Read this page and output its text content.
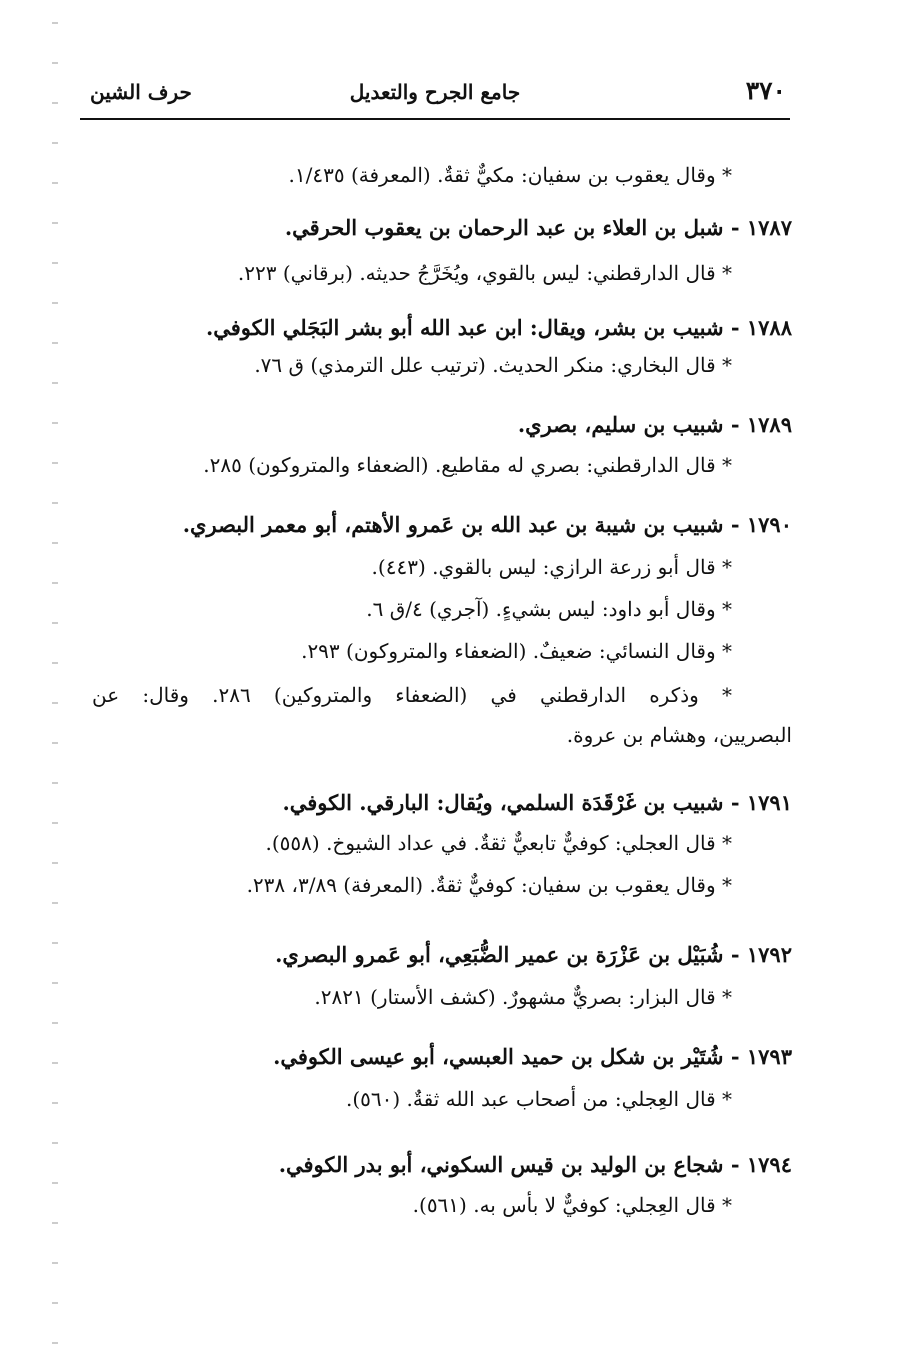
٣٧٠
جامع الجرح والتعديل
حرف الشين
* وقال يعقوب بن سفيان: مكيٌّ ثقةٌ. (المعرفة) ١/٤٣٥.
١٧٨٧ - شبل بن العلاء بن عبد الرحمان بن يعقوب الحرقي.
* قال الدارقطني: ليس بالقوي، ويُخَرَّجُ حديثه. (برقاني) ٢٢٣.
١٧٨٨ - شبيب بن بشر، ويقال: ابن عبد الله أبو بشر البَجَلي الكوفي.
* قال البخاري: منكر الحديث. (ترتيب علل الترمذي) ق ٧٦.
١٧٨٩ - شبيب بن سليم، بصري.
* قال الدارقطني: بصري له مقاطيع. (الضعفاء والمتروكون) ٢٨٥.
١٧٩٠ - شبيب بن شيبة بن عبد الله بن عَمرو الأهتم، أبو معمر البصري.
* قال أبو زرعة الرازي: ليس بالقوي. (٤٤٣).
* وقال أبو داود: ليس بشيءٍ. (آجري) ٤/ق ٦.
* وقال النسائي: ضعيفٌ. (الضعفاء والمتروكون) ٢٩٣.
* وذكره الدارقطني في (الضعفاء والمتروكين) ٢٨٦. وقال: عن
البصريين، وهشام بن عروة.
١٧٩١ - شبيب بن غَرْقَدَة السلمي، ويُقال: البارقي. الكوفي.
* قال العجلي: كوفيٌّ تابعيٌّ ثقةٌ. في عداد الشيوخ. (٥٥٨).
* وقال يعقوب بن سفيان: كوفيٌّ ثقةٌ. (المعرفة) ٣/٨٩، ٢٣٨.
١٧٩٢ - شُبَيْل بن عَزْرَة بن عمير الضُّبَعِي، أبو عَمرو البصري.
* قال البزار: بصريٌّ مشهورٌ. (كشف الأستار) ٢٨٢١.
١٧٩٣ - شُتَيْر بن شكل بن حميد العبسي، أبو عيسى الكوفي.
* قال العِجلي: من أصحاب عبد الله ثقةٌ. (٥٦٠).
١٧٩٤ - شجاع بن الوليد بن قيس السكوني، أبو بدر الكوفي.
* قال العِجلي: كوفيٌّ لا بأس به. (٥٦١).
